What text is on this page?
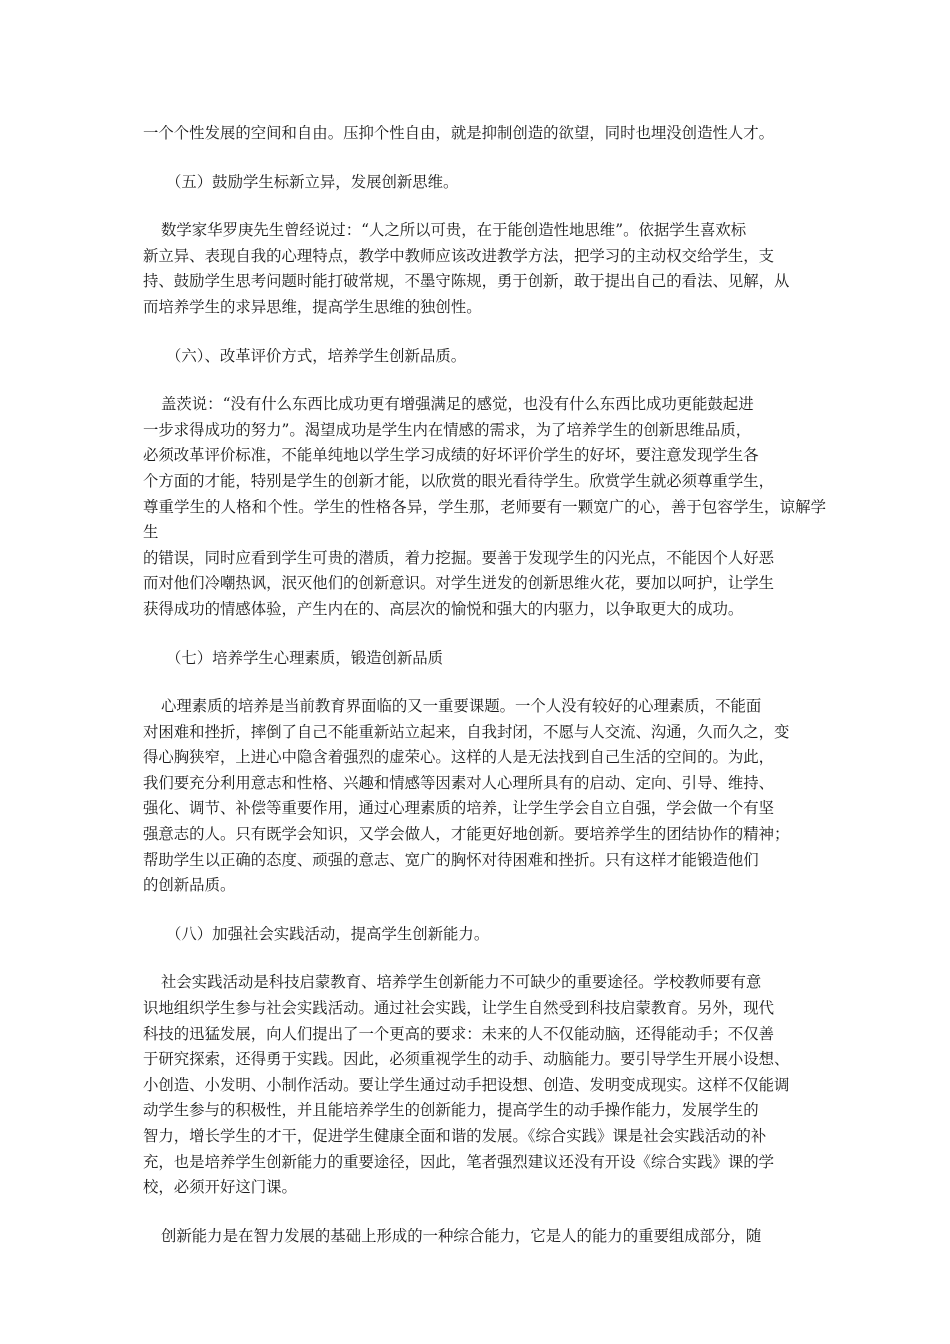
一个个性发展的空间和自由。压抑个性自由，就是抑制创造的欲望，同时也埋没创造性人才。

（五）鼓励学生标新立异，发展创新思维。

数学家华罗庚先生曾经说过：“人之所以可贵，在于能创造性地思维”。依据学生喜欢标
新立异、表现自我的心理特点，教学中教师应该改进教学方法，把学习的主动权交给学生，支
持、鼓励学生思考问题时能打破常规，不墨守陈规，勇于创新，敢于提出自己的看法、见解，从
而培养学生的求异思维，提高学生思维的独创性。

（六）、改革评价方式，培养学生创新品质。

盖茨说：“没有什么东西比成功更有增强满足的感觉，也没有什么东西比成功更能鼓起进
一步求得成功的努力”。渴望成功是学生内在情感的需求，为了培养学生的创新思维品质，
必须改革评价标准，不能单纯地以学生学习成绩的好坏评价学生的好坏，要注意发现学生各
个方面的才能，特别是学生的创新才能，以欣赏的眼光看待学生。欣赏学生就必须尊重学生，
尊重学生的人格和个性。学生的性格各异，学生那，老师要有一颗宽广的心，善于包容学生，谅解学生
的错误，同时应看到学生可贵的潜质，着力挖掘。要善于发现学生的闪光点，不能因个人好恶
而对他们冷嘲热讽，泯灭他们的创新意识。对学生迸发的创新思维火花，要加以呵护，让学生
获得成功的情感体验，产生内在的、高层次的愉悦和强大的内驱力，以争取更大的成功。

（七）培养学生心理素质，锻造创新品质

心理素质的培养是当前教育界面临的又一重要课题。一个人没有较好的心理素质，不能面
对困难和挫折，摔倒了自己不能重新站立起来，自我封闭，不愿与人交流、沟通，久而久之，变
得心胸狭窄，上进心中隐含着强烈的虚荣心。这样的人是无法找到自己生活的空间的。为此，
我们要充分利用意志和性格、兴趣和情感等因素对人心理所具有的启动、定向、引导、维持、
强化、调节、补偿等重要作用，通过心理素质的培养，让学生学会自立自强，学会做一个有坚
强意志的人。只有既学会知识，又学会做人，才能更好地创新。要培养学生的团结协作的精神；
帮助学生以正确的态度、顽强的意志、宽广的胸怀对待困难和挫折。只有这样才能锻造他们
的创新品质。

（八）加强社会实践活动，提高学生创新能力。

社会实践活动是科技启蒙教育、培养学生创新能力不可缺少的重要途径。学校教师要有意
识地组织学生参与社会实践活动。通过社会实践，让学生自然受到科技启蒙教育。另外，现代
科技的迅猛发展，向人们提出了一个更高的要求：未来的人不仅能动脑，还得能动手；不仅善
于研究探索，还得勇于实践。因此，必须重视学生的动手、动脑能力。要引导学生开展小设想、
小创造、小发明、小制作活动。要让学生通过动手把设想、创造、发明变成现实。这样不仅能调
动学生参与的积极性，并且能培养学生的创新能力，提高学生的动手操作能力，发展学生的
智力，增长学生的才干，促进学生健康全面和谐的发展。《综合实践》课是社会实践活动的补
充，也是培养学生创新能力的重要途径，因此，笔者强烈建议还没有开设《综合实践》课的学
校，必须开好这门课。

创新能力是在智力发展的基础上形成的一种综合能力，它是人的能力的重要组成部分，随
